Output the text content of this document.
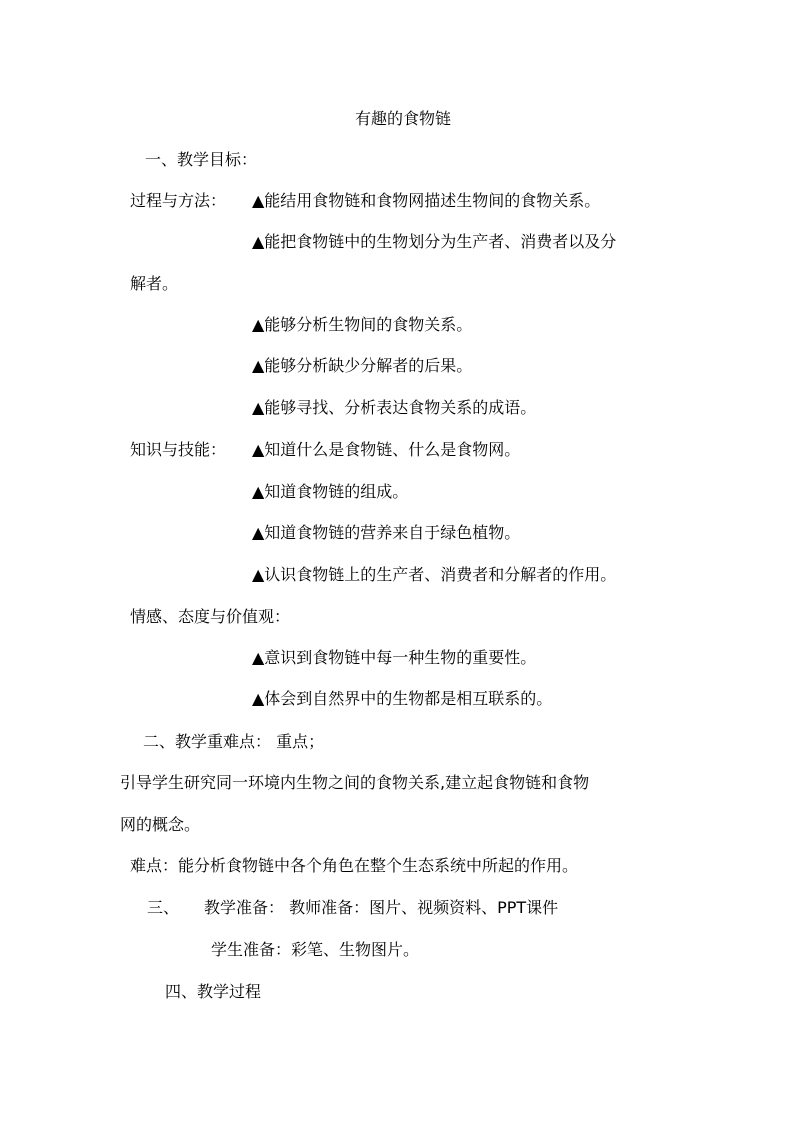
有趣的食物链
一、教学目标：
过程与方法： ▲能结用食物链和食物网描述生物间的食物关系。
▲能把食物链中的生物划分为生产者、消费者以及分
解者。
▲能够分析生物间的食物关系。
▲能够分析缺少分解者的后果。
▲能够寻找、分析表达食物关系的成语。
知识与技能： ▲知道什么是食物链、什么是食物网。
▲知道食物链的组成。
▲知道食物链的营养来自于绿色植物。
▲认识食物链上的生产者、消费者和分解者的作用。
情感、态度与价值观：
▲意识到食物链中每一种生物的重要性。
▲体会到自然界中的生物都是相互联系的。
二、教学重难点： 重点；
引导学生研究同一环境内生物之间的食物关系,建立起食物链和食物
网的概念。
难点：能分析食物链中各个角色在整个生态系统中所起的作用。
三、 教学准备： 教师准备：图片、视频资料、PPT课件
学生准备：彩笔、生物图片。
四、教学过程
